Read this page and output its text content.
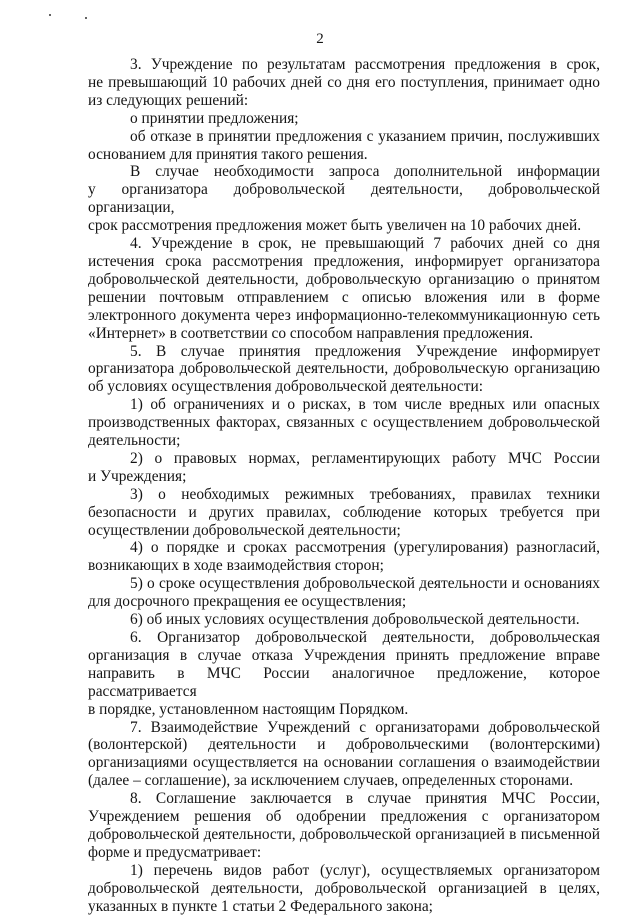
2
3. Учреждение по результатам рассмотрения предложения в срок,
не превышающий 10 рабочих дней со дня его поступления, принимает одно
из следующих решений:
о принятии предложения;
об отказе в принятии предложения с указанием причин, послуживших
основанием для принятия такого решения.
В случае необходимости запроса дополнительной информации
у организатора добровольческой деятельности, добровольческой организации,
срок рассмотрения предложения может быть увеличен на 10 рабочих дней.
4. Учреждение в срок, не превышающий 7 рабочих дней со дня
истечения срока рассмотрения предложения, информирует организатора
добровольческой деятельности, добровольческую организацию о принятом
решении почтовым отправлением с описью вложения или в форме
электронного документа через информационно-телекоммуникационную сеть
«Интернет» в соответствии со способом направления предложения.
5. В случае принятия предложения Учреждение информирует
организатора добровольческой деятельности, добровольческую организацию
об условиях осуществления добровольческой деятельности:
1) об ограничениях и о рисках, в том числе вредных или опасных
производственных факторах, связанных с осуществлением добровольческой
деятельности;
2) о правовых нормах, регламентирующих работу МЧС России
и Учреждения;
3) о необходимых режимных требованиях, правилах техники
безопасности и других правилах, соблюдение которых требуется при
осуществлении добровольческой деятельности;
4) о порядке и сроках рассмотрения (урегулирования) разногласий,
возникающих в ходе взаимодействия сторон;
5) о сроке осуществления добровольческой деятельности и основаниях
для досрочного прекращения ее осуществления;
6) об иных условиях осуществления добровольческой деятельности.
6. Организатор добровольческой деятельности, добровольческая
организация в случае отказа Учреждения принять предложение вправе
направить в МЧС России аналогичное предложение, которое рассматривается
в порядке, установленном настоящим Порядком.
7. Взаимодействие Учреждений с организаторами добровольческой
(волонтерской) деятельности и добровольческими (волонтерскими)
организациями осуществляется на основании соглашения о взаимодействии
(далее – соглашение), за исключением случаев, определенных сторонами.
8. Соглашение заключается в случае принятия МЧС России,
Учреждением решения об одобрении предложения с организатором
добровольческой деятельности, добровольческой организацией в письменной
форме и предусматривает:
1) перечень видов работ (услуг), осуществляемых организатором
добровольческой деятельности, добровольческой организацией в целях,
указанных в пункте 1 статьи 2 Федерального закона;
